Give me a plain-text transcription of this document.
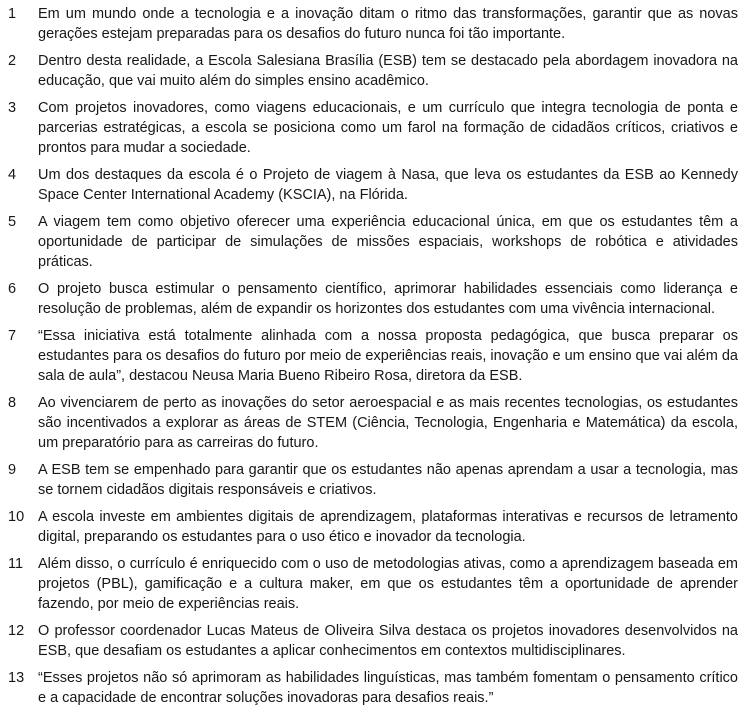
1	Em um mundo onde a tecnologia e a inovação ditam o ritmo das transformações, garantir que as novas gerações estejam preparadas para os desafios do futuro nunca foi tão importante.
2	Dentro desta realidade, a Escola Salesiana Brasília (ESB) tem se destacado pela abordagem inovadora na educação, que vai muito além do simples ensino acadêmico.
3	Com projetos inovadores, como viagens educacionais, e um currículo que integra tecnologia de ponta e parcerias estratégicas, a escola se posiciona como um farol na formação de cidadãos críticos, criativos e prontos para mudar a sociedade.
4	Um dos destaques da escola é o Projeto de viagem à Nasa, que leva os estudantes da ESB ao Kennedy Space Center International Academy (KSCIA), na Flórida.
5	A viagem tem como objetivo oferecer uma experiência educacional única, em que os estudantes têm a oportunidade de participar de simulações de missões espaciais, workshops de robótica e atividades práticas.
6	O projeto busca estimular o pensamento científico, aprimorar habilidades essenciais como liderança e resolução de problemas, além de expandir os horizontes dos estudantes com uma vivência internacional.
7	“Essa iniciativa está totalmente alinhada com a nossa proposta pedagógica, que busca preparar os estudantes para os desafios do futuro por meio de experiências reais, inovação e um ensino que vai além da sala de aula”, destacou Neusa Maria Bueno Ribeiro Rosa, diretora da ESB.
8	Ao vivenciarem de perto as inovações do setor aeroespacial e as mais recentes tecnologias, os estudantes são incentivados a explorar as áreas de STEM (Ciência, Tecnologia, Engenharia e Matemática) da escola, um preparatório para as carreiras do futuro.
9	A ESB tem se empenhado para garantir que os estudantes não apenas aprendam a usar a tecnologia, mas se tornem cidadãos digitais responsáveis e criativos.
10 A escola investe em ambientes digitais de aprendizagem, plataformas interativas e recursos de letramento digital, preparando os estudantes para o uso ético e inovador da tecnologia.
11	Além disso, o currículo é enriquecido com o uso de metodologias ativas, como a aprendizagem baseada em projetos (PBL), gamificação e a cultura maker, em que os estudantes têm a oportunidade de aprender fazendo, por meio de experiências reais.
12 O professor coordenador Lucas Mateus de Oliveira Silva destaca os projetos inovadores desenvolvidos na ESB, que desafiam os estudantes a aplicar conhecimentos em contextos multidisciplinares.
13 “Esses projetos não só aprimoram as habilidades linguísticas, mas também fomentam o pensamento crítico e a capacidade de encontrar soluções inovadoras para desafios reais.”
